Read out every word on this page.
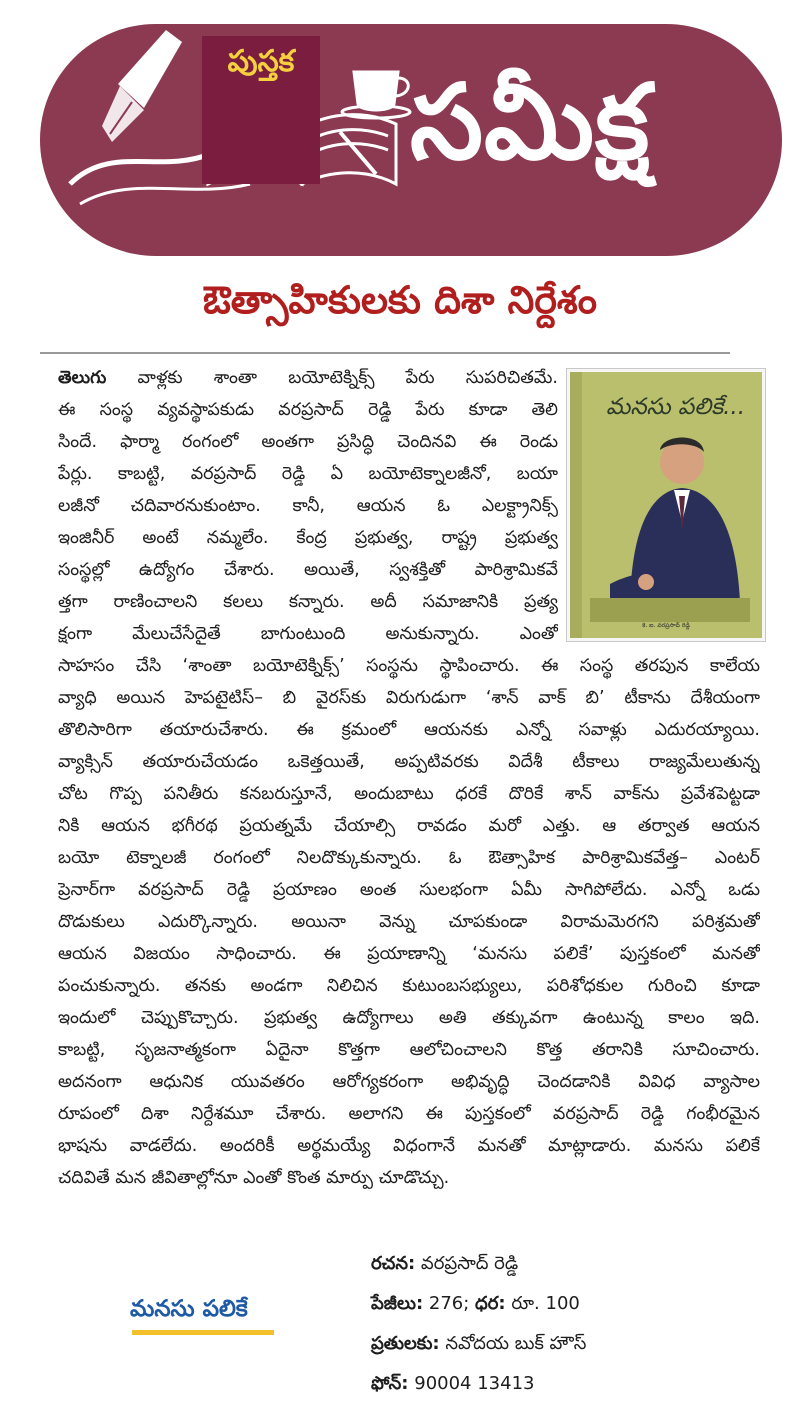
పుస్తక సమీక్ష
ఔత్సాహికులకు దిశా నిర్దేశం
మనసు పలికే...
కె. ఐ. వరప్రసాద్ రెడ్డి
తెలుగు వాళ్లకు శాంతా బయోటెక్నిక్స్ పేరు సుపరిచితమే.
ఈ సంస్థ వ్యవస్థాపకుడు వరప్రసాద్ రెడ్డి పేరు కూడా తెలి
సిందే. ఫార్మా రంగంలో అంతగా ప్రసిద్ధి చెందినవి ఈ రెండు
పేర్లు. కాబట్టి, వరప్రసాద్ రెడ్డి ఏ బయోటెక్నాలజీనో, బయా
లజీనో చదివారనుకుంటాం. కానీ, ఆయన ఓ ఎలక్ట్రానిక్స్
ఇంజినీర్ అంటే నమ్మలేం. కేంద్ర ప్రభుత్వ, రాష్ట్ర ప్రభుత్వ
సంస్థల్లో ఉద్యోగం చేశారు. అయితే, స్వశక్తితో పారిశ్రామికవే
త్తగా రాణించాలని కలలు కన్నారు. అదీ సమాజానికి ప్రత్య
క్షంగా మేలుచేసేదైతే బాగుంటుంది అనుకున్నారు. ఎంతో
సాహసం చేసి ‘శాంతా బయోటెక్నిక్స్’ సంస్థను స్థాపించారు. ఈ సంస్థ తరపున కాలేయ
వ్యాధి అయిన హెపటైటిస్– బి వైరస్‌కు విరుగుడుగా ‘శాన్ వాక్ బి’ టీకాను దేశీయంగా
తొలిసారిగా తయారుచేశారు. ఈ క్రమంలో ఆయనకు ఎన్నో సవాళ్లు ఎదురయ్యాయి.
వ్యాక్సిన్ తయారుచేయడం ఒకెత్తయితే, అప్పటివరకు విదేశీ టీకాలు రాజ్యమేలుతున్న
చోట గొప్ప పనితీరు కనబరుస్తూనే, అందుబాటు ధరకే దొరికే శాన్ వాక్‌ను ప్రవేశపెట్టడా
నికి ఆయన భగీరథ ప్రయత్నమే చేయాల్సి రావడం మరో ఎత్తు. ఆ తర్వాత ఆయన
బయో టెక్నాలజీ రంగంలో నిలదొక్కుకున్నారు. ఓ ఔత్సాహిక పారిశ్రామికవేత్త– ఎంటర్
ప్రెనార్‌గా వరప్రసాద్ రెడ్డి ప్రయాణం అంత సులభంగా ఏమీ సాగిపోలేదు. ఎన్నో ఒడు
దొడుకులు ఎదుర్కొన్నారు. అయినా వెన్ను చూపకుండా విరామమెరగని పరిశ్రమతో
ఆయన విజయం సాధించారు. ఈ ప్రయాణాన్ని ‘మనసు పలికే’ పుస్తకంలో మనతో
పంచుకున్నారు. తనకు అండగా నిలిచిన కుటుంబసభ్యులు, పరిశోధకుల గురించి కూడా
ఇందులో చెప్పుకొచ్చారు. ప్రభుత్వ ఉద్యోగాలు అతి తక్కువగా ఉంటున్న కాలం ఇది.
కాబట్టి, సృజనాత్మకంగా ఏదైనా కొత్తగా ఆలోచించాలని కొత్త తరానికి సూచించారు.
అదనంగా ఆధునిక యువతరం ఆరోగ్యకరంగా అభివృద్ధి చెందడానికి వివిధ వ్యాసాల
రూపంలో దిశా నిర్దేశమూ చేశారు. అలాగని ఈ పుస్తకంలో వరప్రసాద్ రెడ్డి గంభీరమైన
భాషను వాడలేదు. అందరికీ అర్థమయ్యే విధంగానే మనతో మాట్లాడారు. మనసు పలికే
చదివితే మన జీవితాల్లోనూ ఎంతో కొంత మార్పు చూడొచ్చు.
మనసు పలికే
రచన: వరప్రసాద్ రెడ్డి
పేజీలు: 276; ధర: రూ. 100
ప్రతులకు: నవోదయ బుక్ హౌస్
ఫోన్: 90004 13413
